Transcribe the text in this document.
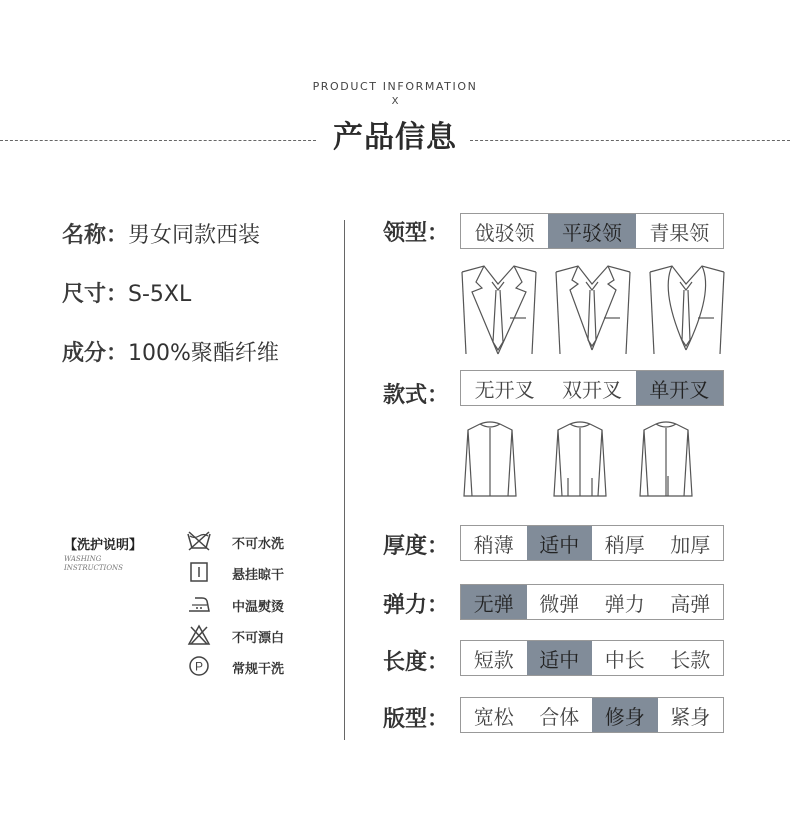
PRODUCT INFORMATION
X
产品信息
名称：男女同款西装
尺寸：S-5XL
成分：100%聚酯纤维
【洗护说明】
WASHING
INSTRUCTIONS
不可水洗
悬挂晾干
中温熨烫
不可漂白
P 常规干洗
领型：	戗驳领	平驳领	青果领
款式：	无开叉	双开叉	单开叉
厚度：	稍薄	适中	稍厚	加厚
弹力：	无弹	微弹	弹力	高弹
长度：	短款	适中	中长	长款
版型：	宽松	合体	修身	紧身
